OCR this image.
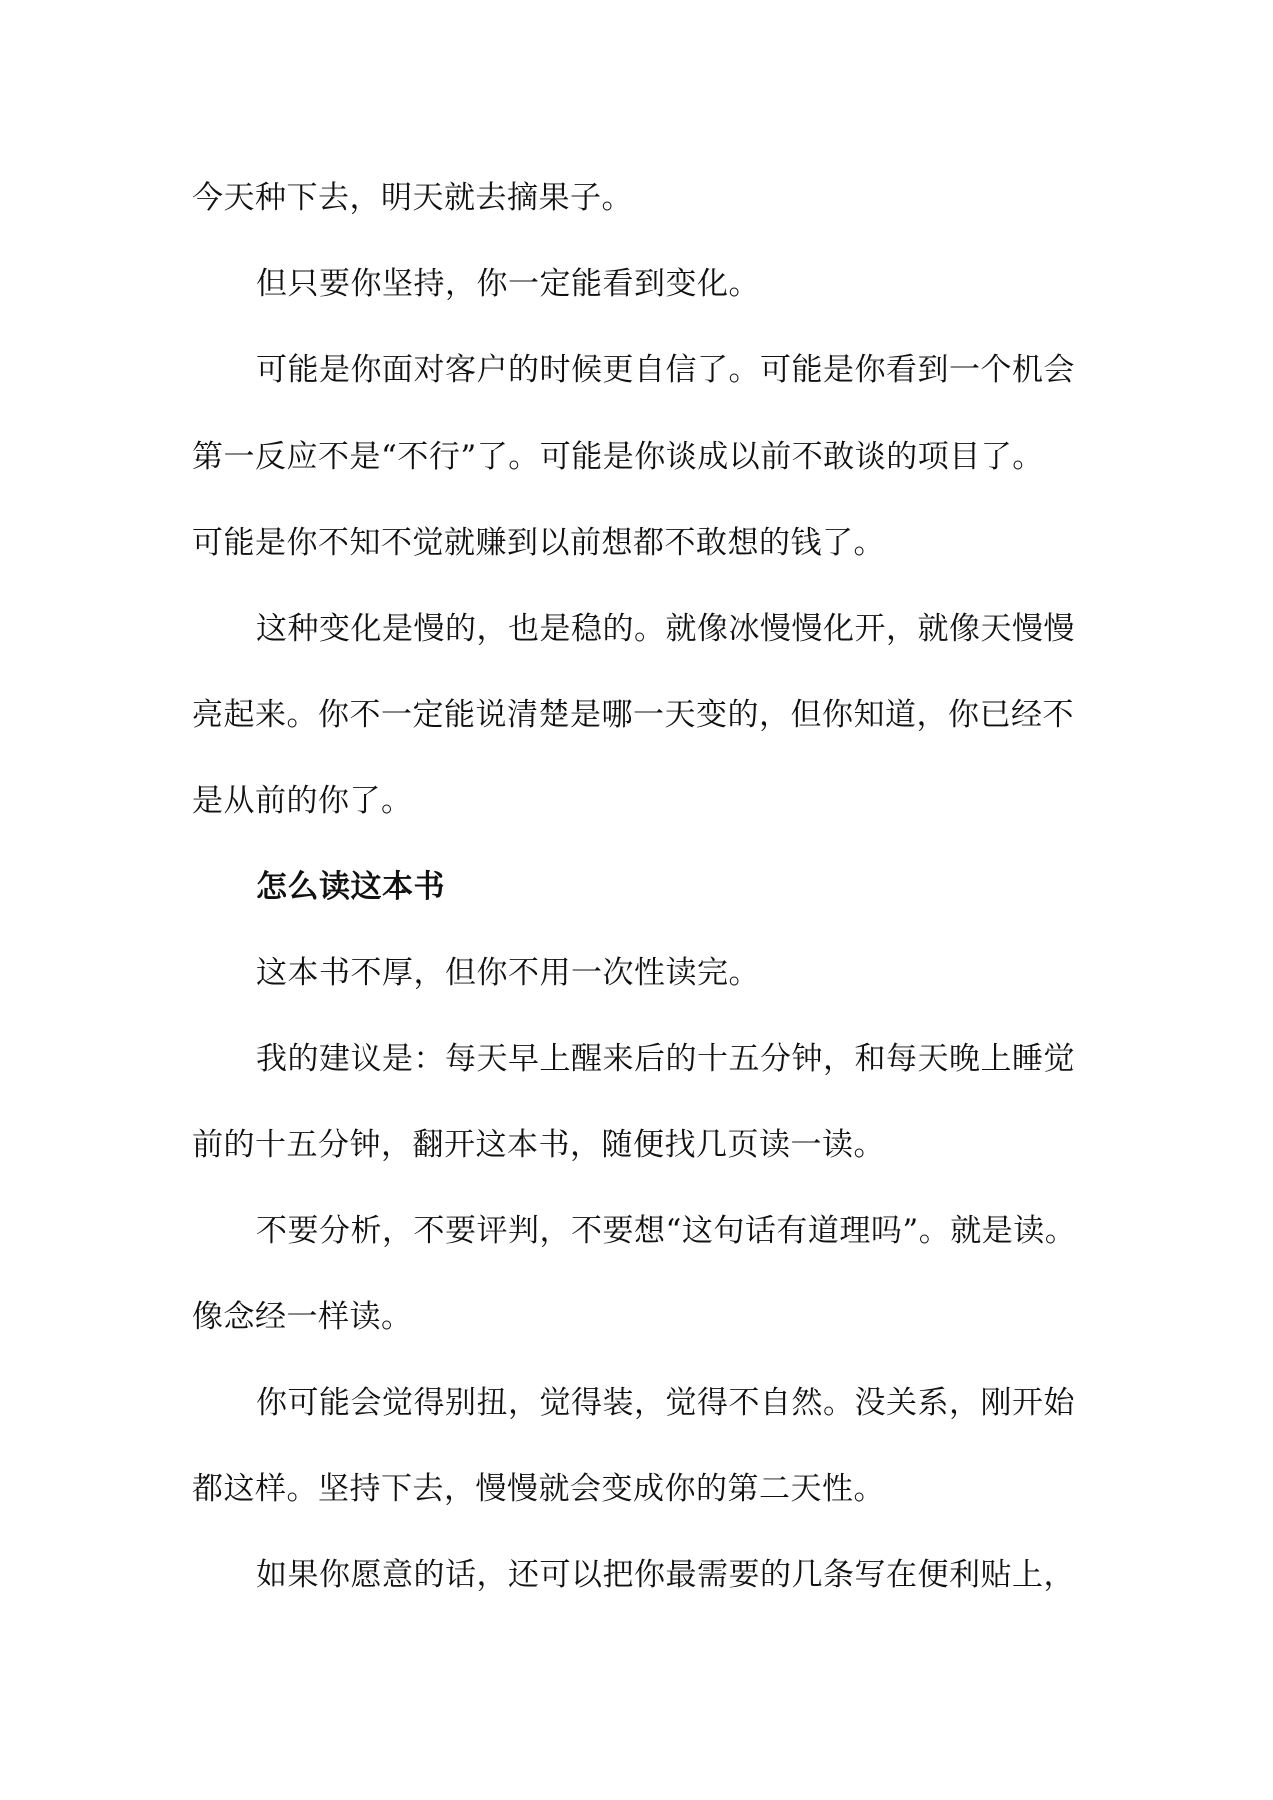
今天种下去，明天就去摘果子。
但只要你坚持，你一定能看到变化。
可能是你面对客户的时候更自信了。可能是你看到一个机会
第一反应不是“不行”了。可能是你谈成以前不敢谈的项目了。
可能是你不知不觉就赚到以前想都不敢想的钱了。
这种变化是慢的，也是稳的。就像冰慢慢化开，就像天慢慢
亮起来。你不一定能说清楚是哪一天变的，但你知道，你已经不
是从前的你了。
怎么读这本书
这本书不厚，但你不用一次性读完。
我的建议是：每天早上醒来后的十五分钟，和每天晚上睡觉
前的十五分钟，翻开这本书，随便找几页读一读。
不要分析，不要评判，不要想“这句话有道理吗”。就是读。
像念经一样读。
你可能会觉得别扭，觉得装，觉得不自然。没关系，刚开始
都这样。坚持下去，慢慢就会变成你的第二天性。
如果你愿意的话，还可以把你最需要的几条写在便利贴上，
